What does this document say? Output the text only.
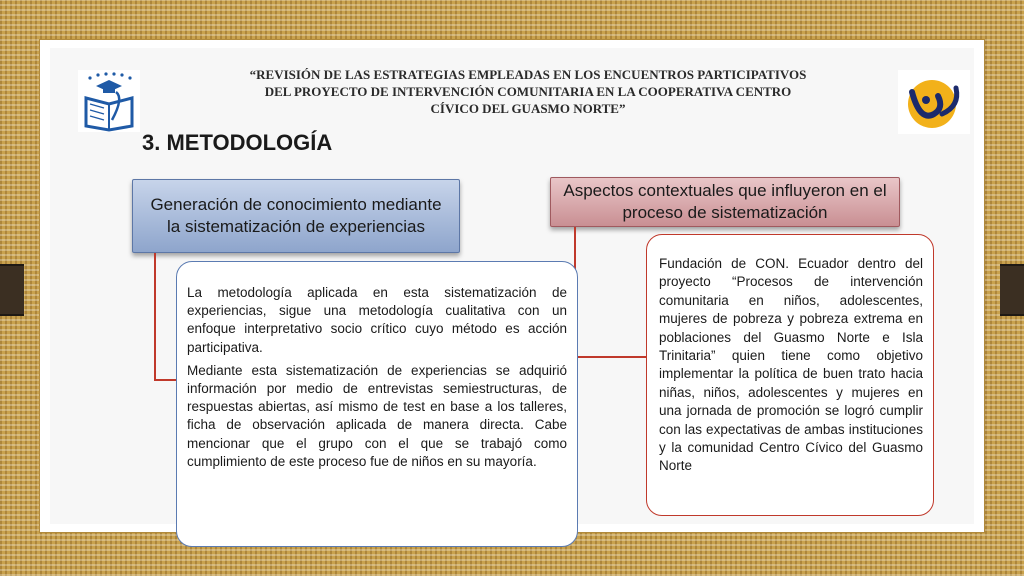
“REVISIÓN DE LAS ESTRATEGIAS EMPLEADAS EN LOS ENCUENTROS PARTICIPATIVOS DEL PROYECTO DE INTERVENCIÓN COMUNITARIA EN LA COOPERATIVA CENTRO CÍVICO DEL GUASMO NORTE”
3. METODOLOGÍA
Generación de conocimiento mediante la sistematización de experiencias
Aspectos contextuales que influyeron en el proceso de sistematización

La metodología aplicada en esta sistematización de experiencias, sigue una metodología cualitativa con un enfoque interpretativo socio crítico cuyo método es acción participativa.

Mediante esta sistematización de experiencias se adquirió información por medio de entrevistas semiestructuras, de respuestas abiertas, así mismo de test en base a los talleres, ficha de observación aplicada de manera directa. Cabe mencionar que el grupo con el que se trabajó como cumplimiento de este proceso fue de niños en su mayoría.

Fundación de CON. Ecuador dentro del proyecto “Procesos de intervención comunitaria en niños, adolescentes, mujeres de pobreza y pobreza extrema en poblaciones del Guasmo Norte e Isla Trinitaria” quien tiene como objetivo implementar la política de buen trato hacia niñas, niños, adolescentes y mujeres en una jornada de promoción se logró cumplir con las expectativas de ambas instituciones y la comunidad Centro Cívico del Guasmo Norte
